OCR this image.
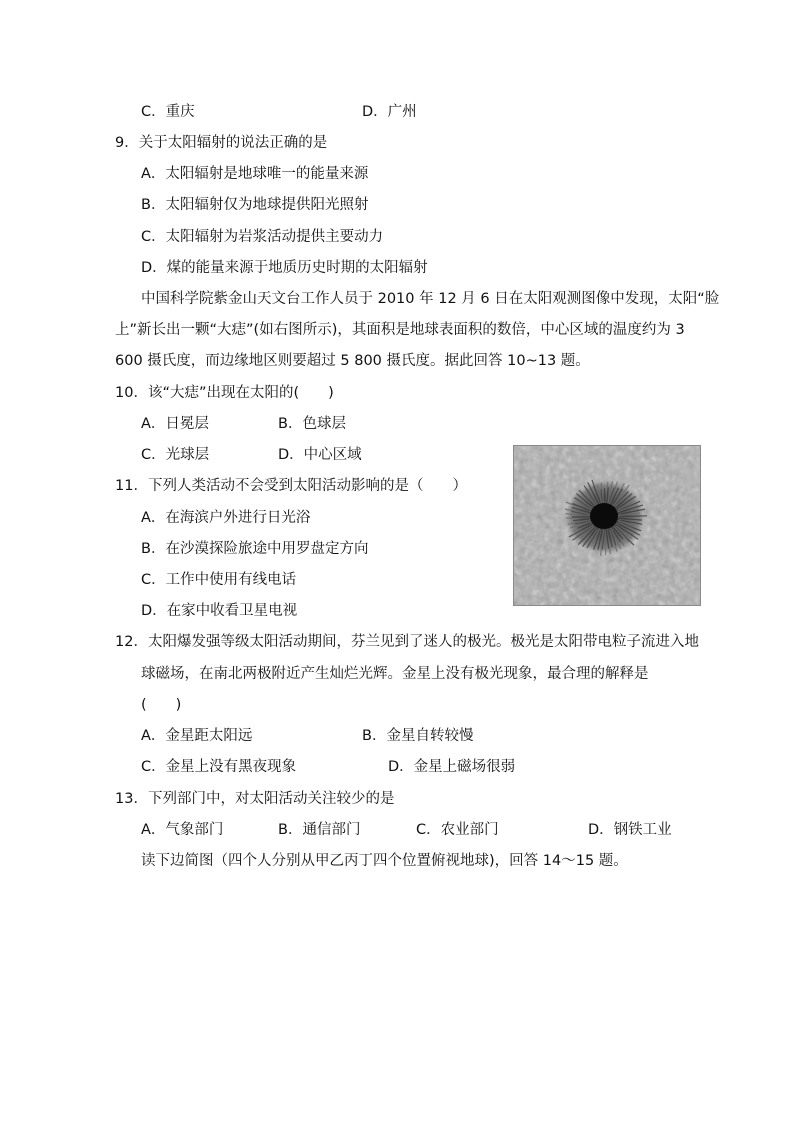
C．重庆	D．广州
9．关于太阳辐射的说法正确的是
A．太阳辐射是地球唯一的能量来源
B．太阳辐射仅为地球提供阳光照射
C．太阳辐射为岩浆活动提供主要动力
D．煤的能量来源于地质历史时期的太阳辐射
中国科学院紫金山天文台工作人员于 2010 年 12 月 6 日在太阳观测图像中发现，太阳“脸
上”新长出一颗“大痣”(如右图所示)，其面积是地球表面积的数倍，中心区域的温度约为 3
600 摄氏度，而边缘地区则要超过 5 800 摄氏度。据此回答 10~13 题。
10．该“大痣”出现在太阳的(　　)
A．日冕层	B．色球层
C．光球层	D．中心区域
11．下列人类活动不会受到太阳活动影响的是（　　）
A．在海滨户外进行日光浴
B．在沙漠探险旅途中用罗盘定方向
C．工作中使用有线电话
D．在家中收看卫星电视
12．太阳爆发强等级太阳活动期间，芬兰见到了迷人的极光。极光是太阳带电粒子流进入地
球磁场，在南北两极附近产生灿烂光辉。金星上没有极光现象，最合理的解释是
(　　)
A．金星距太阳远	B．金星自转较慢
C．金星上没有黑夜现象	D．金星上磁场很弱
13．下列部门中，对太阳活动关注较少的是
A．气象部门	B．通信部门	C．农业部门	D．钢铁工业
读下边简图（四个人分别从甲乙丙丁四个位置俯视地球)，回答 14～15 题。
